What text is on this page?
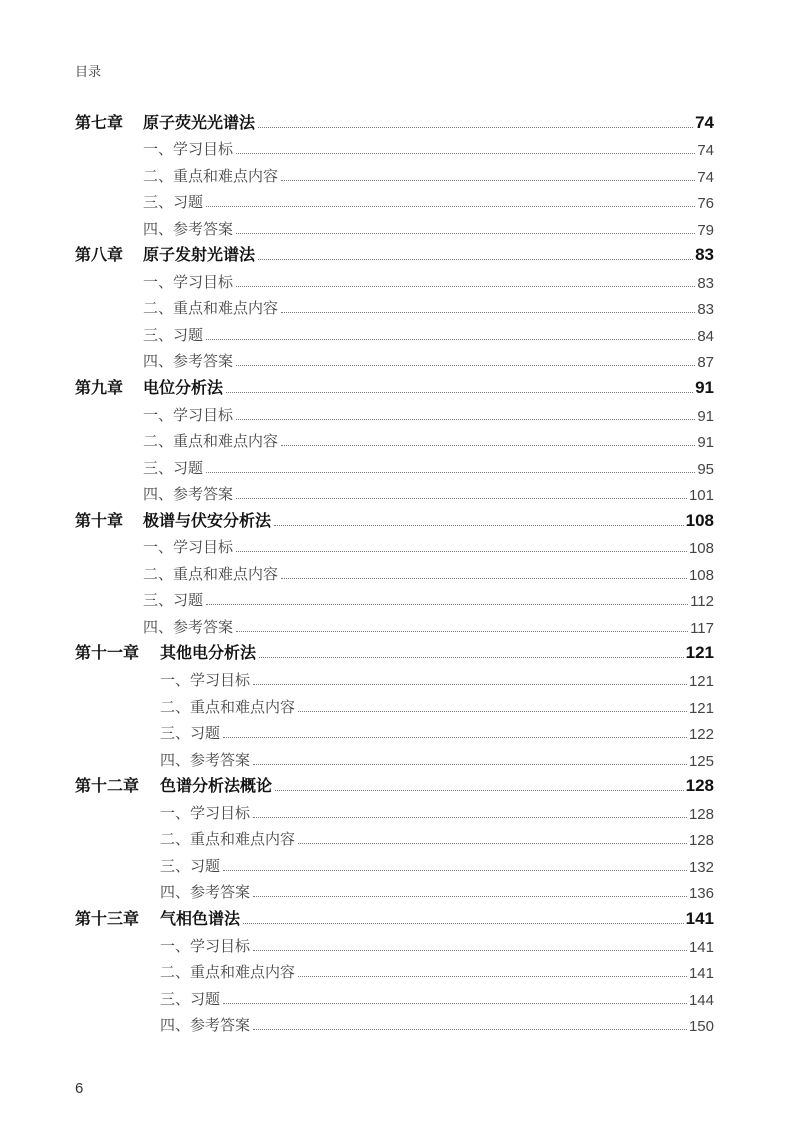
目录
第七章	原子荧光光谱法	74
一、学习目标	74
二、重点和难点内容	74
三、习题	76
四、参考答案	79
第八章	原子发射光谱法	83
一、学习目标	83
二、重点和难点内容	83
三、习题	84
四、参考答案	87
第九章	电位分析法	91
一、学习目标	91
二、重点和难点内容	91
三、习题	95
四、参考答案	101
第十章	极谱与伏安分析法	108
一、学习目标	108
二、重点和难点内容	108
三、习题	112
四、参考答案	117
第十一章	其他电分析法	121
一、学习目标	121
二、重点和难点内容	121
三、习题	122
四、参考答案	125
第十二章	色谱分析法概论	128
一、学习目标	128
二、重点和难点内容	128
三、习题	132
四、参考答案	136
第十三章	气相色谱法	141
一、学习目标	141
二、重点和难点内容	141
三、习题	144
四、参考答案	150
6
